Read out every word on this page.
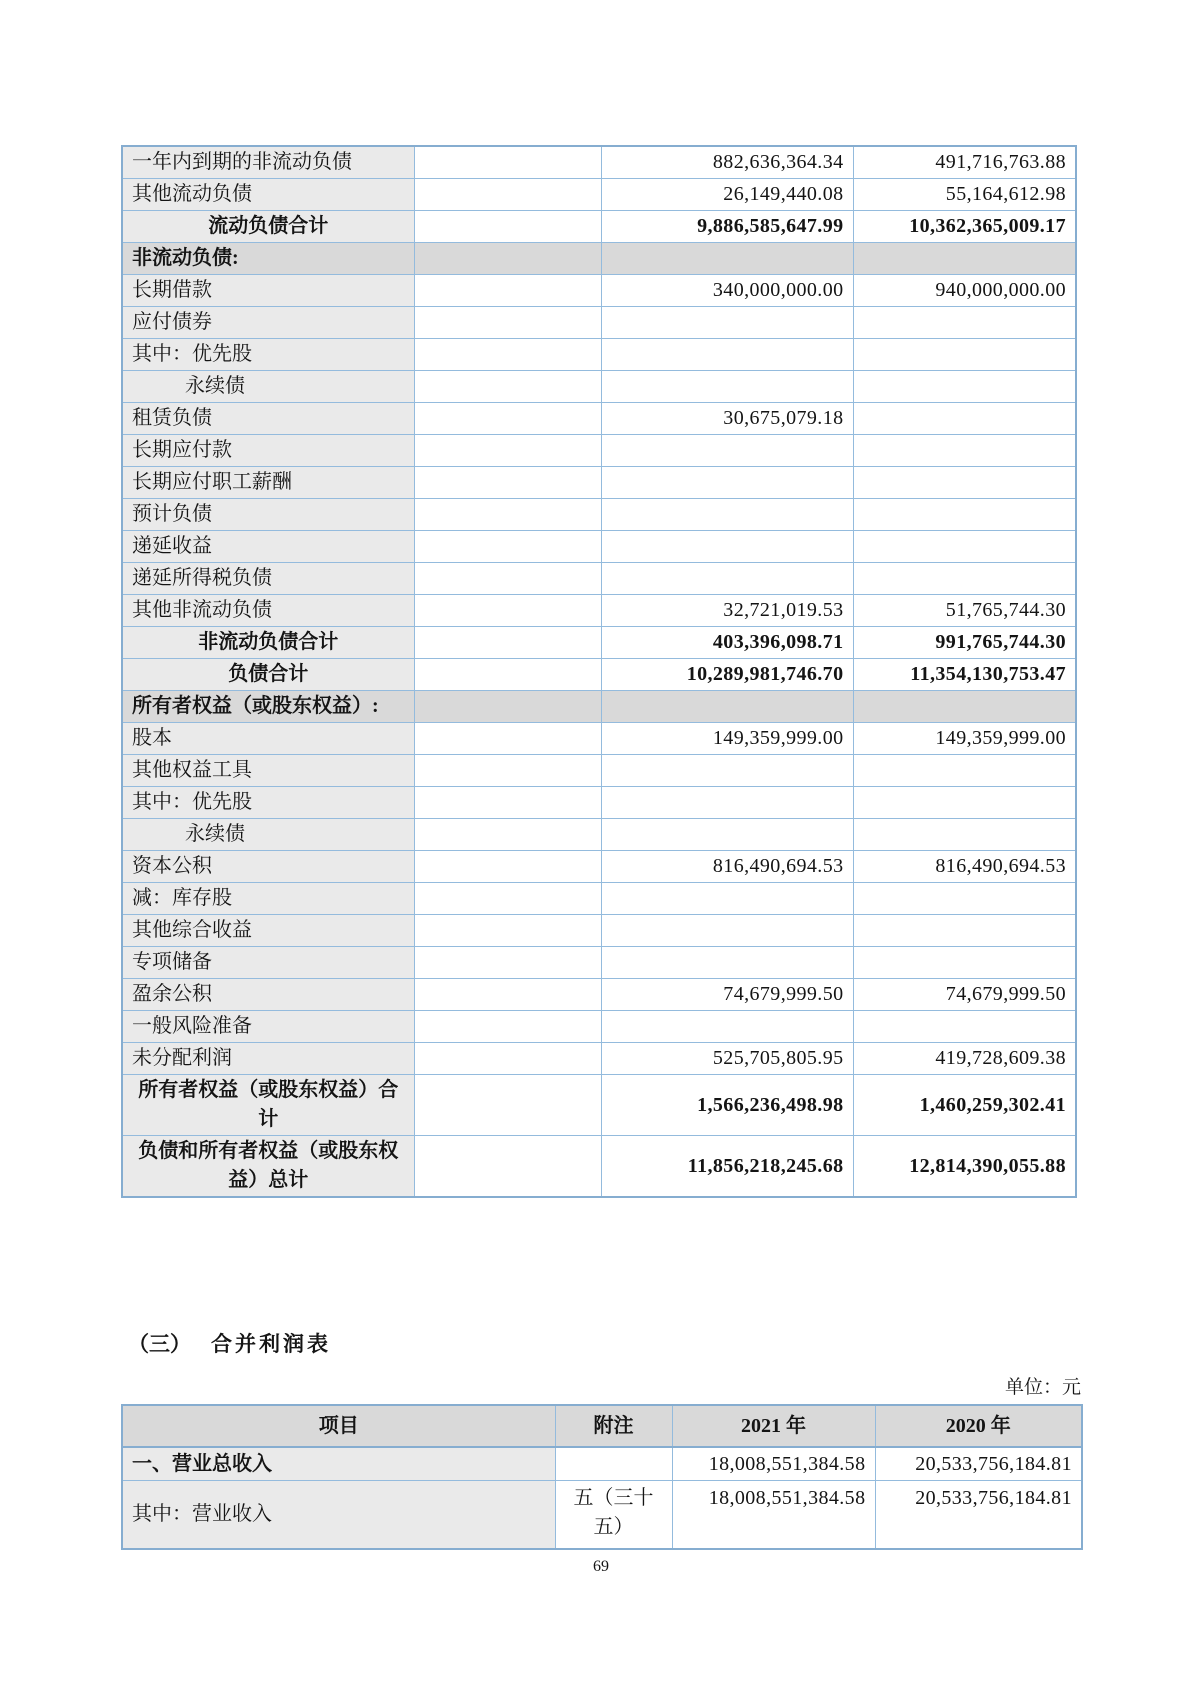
一年内到期的非流动负债		882,636,364.34	491,716,763.88
其他流动负债		26,149,440.08	55,164,612.98
流动负债合计		9,886,585,647.99	10,362,365,009.17
非流动负债:			
长期借款		340,000,000.00	940,000,000.00
应付债券			
其中：优先股			
永续债			
租赁负债		30,675,079.18	
长期应付款			
长期应付职工薪酬			
预计负债			
递延收益			
递延所得税负债			
其他非流动负债		32,721,019.53	51,765,744.30
非流动负债合计		403,396,098.71	991,765,744.30
负债合计		10,289,981,746.70	11,354,130,753.47
所有者权益（或股东权益）:			
股本		149,359,999.00	149,359,999.00
其他权益工具			
其中：优先股			
永续债			
资本公积		816,490,694.53	816,490,694.53
减：库存股			
其他综合收益			
专项储备			
盈余公积		74,679,999.50	74,679,999.50
一般风险准备			
未分配利润		525,705,805.95	419,728,609.38
所有者权益（或股东权益）合计		1,566,236,498.98	1,460,259,302.41
负债和所有者权益（或股东权益）总计		11,856,218,245.68	12,814,390,055.88
（三） 合并利润表
单位：元
项目	附注	2021 年	2020 年
一、营业总收入		18,008,551,384.58	20,533,756,184.81
其中：营业收入	五（三十五）	18,008,551,384.58	20,533,756,184.81
69
